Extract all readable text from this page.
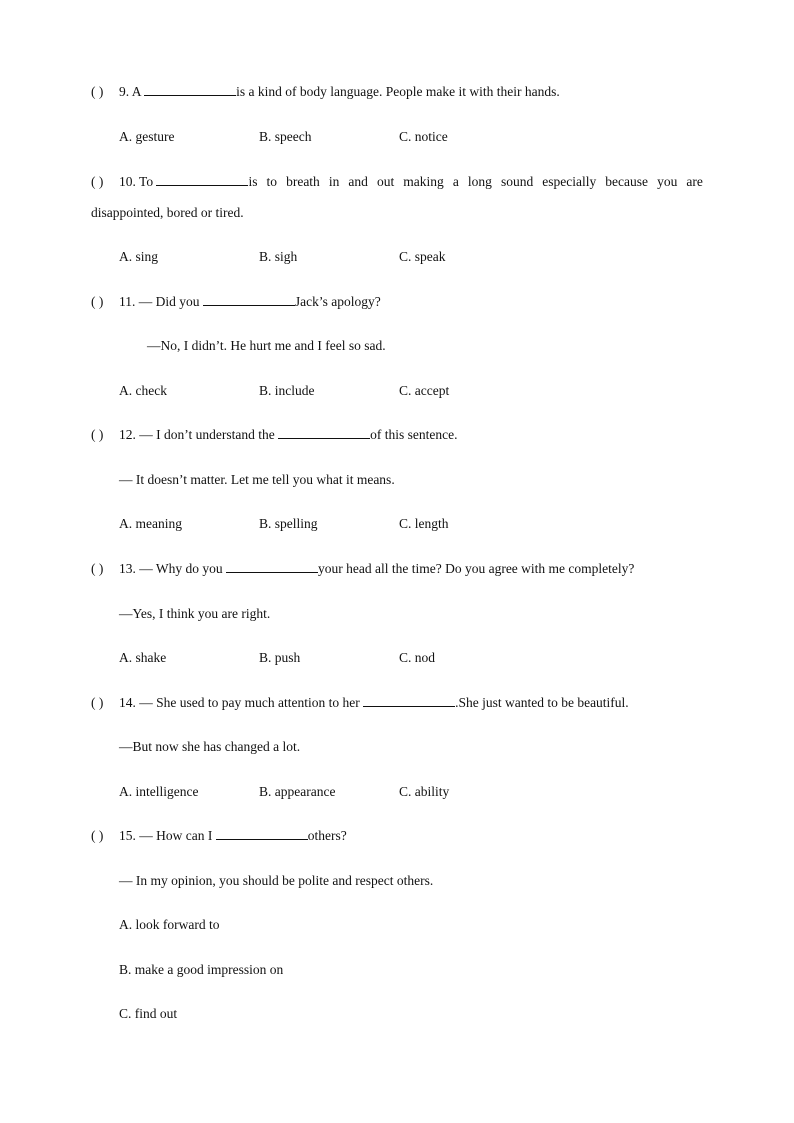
( ) 9. A	is a kind of body language. People make it with their hands.
A. gesture	B. speech	C. notice
( ) 10. To	is to breath in and out making a long sound especially because you are
disappointed, bored or tired.
A. sing	B. sigh	C. speak
( ) 11. — Did you	Jack’s apology?
—No, I didn’t. He hurt me and I feel so sad.
A. check	B. include	C. accept
( ) 12. — I don’t understand the	of this sentence.
— It doesn’t matter. Let me tell you what it means.
A. meaning	B. spelling	C. length
( ) 13. — Why do you	your head all the time? Do you agree with me completely?
—Yes, I think you are right.
A. shake	B. push	C. nod
( ) 14. — She used to pay much attention to her	.She just wanted to be beautiful.
—But now she has changed a lot.
A. intelligence	B. appearance	C. ability
( ) 15. — How can I	others?
— In my opinion, you should be polite and respect others.
A. look forward to
B. make a good impression on
C. find out
